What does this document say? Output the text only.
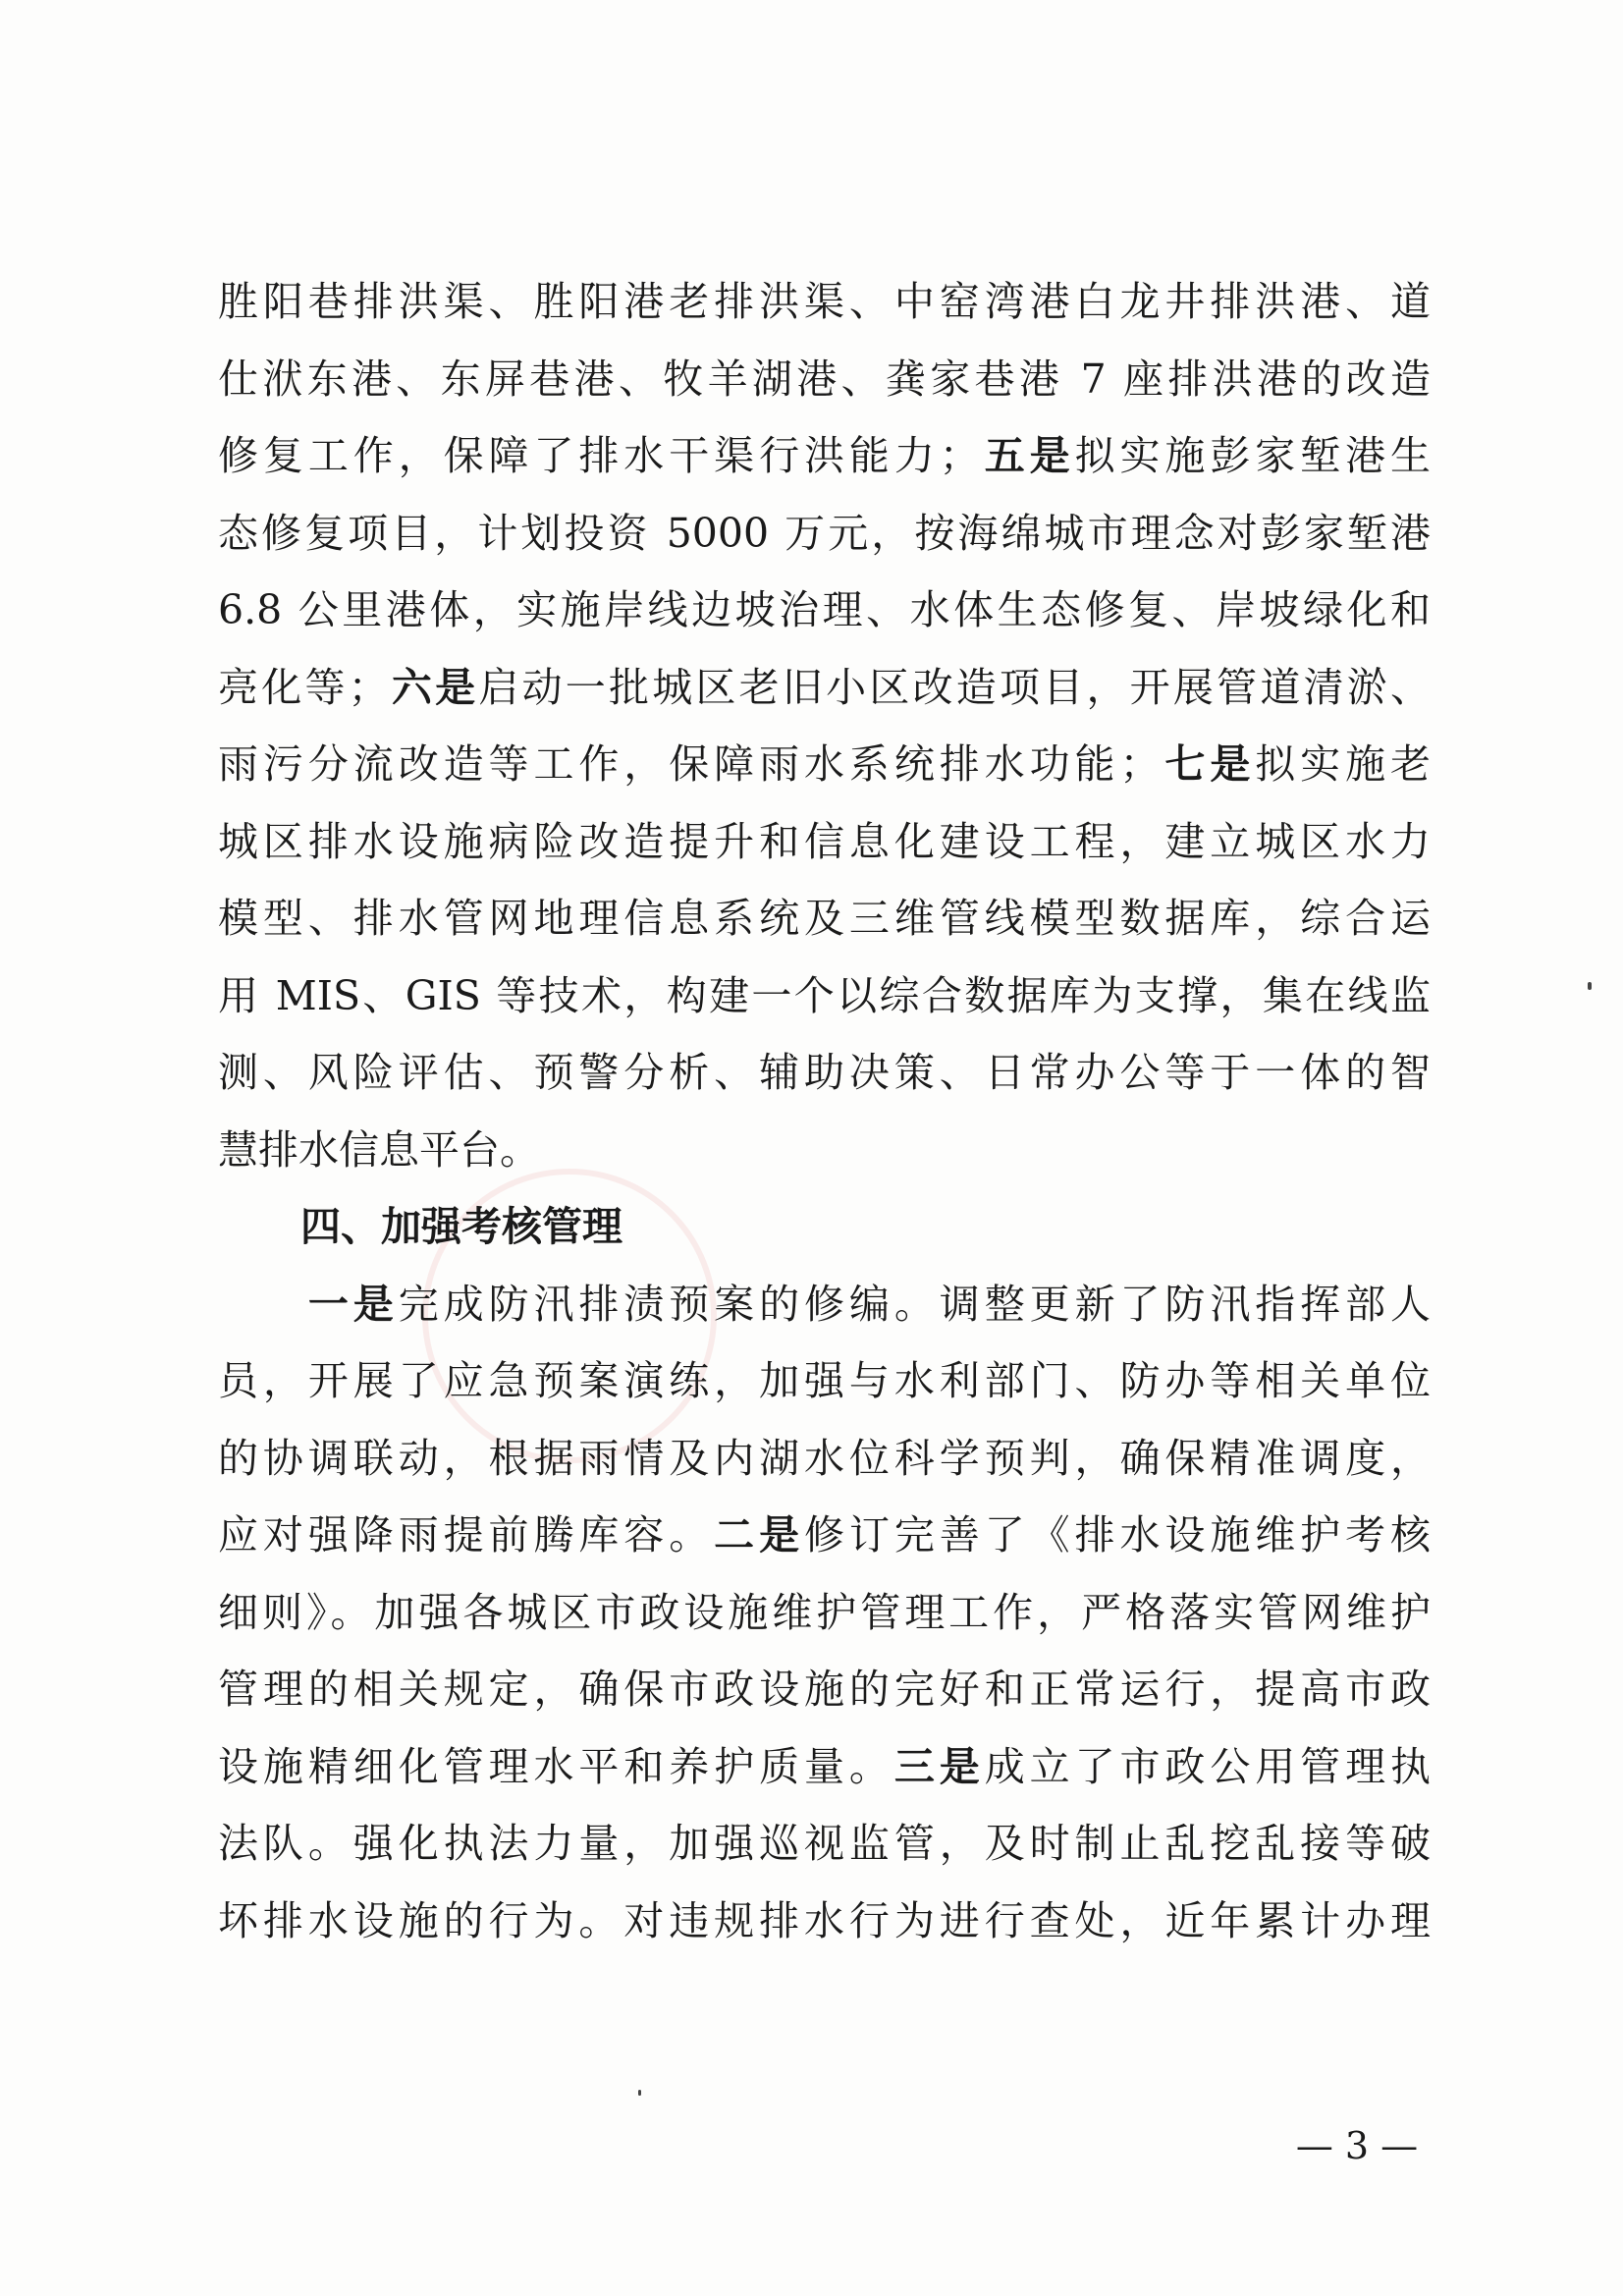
胜阳巷排洪渠、胜阳港老排洪渠、中窑湾港白龙井排洪港、道
仕洑东港、东屏巷港、牧羊湖港、龚家巷港 7 座排洪港的改造
修复工作，保障了排水干渠行洪能力；五是拟实施彭家堑港生
态修复项目，计划投资 5000 万元，按海绵城市理念对彭家堑港
6.8 公里港体，实施岸线边坡治理、水体生态修复、岸坡绿化和
亮化等；六是启动一批城区老旧小区改造项目，开展管道清淤、
雨污分流改造等工作，保障雨水系统排水功能；七是拟实施老
城区排水设施病险改造提升和信息化建设工程，建立城区水力
模型、排水管网地理信息系统及三维管线模型数据库，综合运
用 MIS、GIS 等技术，构建一个以综合数据库为支撑，集在线监
测、风险评估、预警分析、辅助决策、日常办公等于一体的智
慧排水信息平台。
四、加强考核管理
　　一是完成防汛排渍预案的修编。调整更新了防汛指挥部人
员，开展了应急预案演练，加强与水利部门、防办等相关单位
的协调联动，根据雨情及内湖水位科学预判，确保精准调度，
应对强降雨提前腾库容。二是修订完善了《排水设施维护考核
细则》。加强各城区市政设施维护管理工作，严格落实管网维护
管理的相关规定，确保市政设施的完好和正常运行，提高市政
设施精细化管理水平和养护质量。三是成立了市政公用管理执
法队。强化执法力量，加强巡视监管，及时制止乱挖乱接等破
坏排水设施的行为。对违规排水行为进行查处，近年累计办理
— 3 —
